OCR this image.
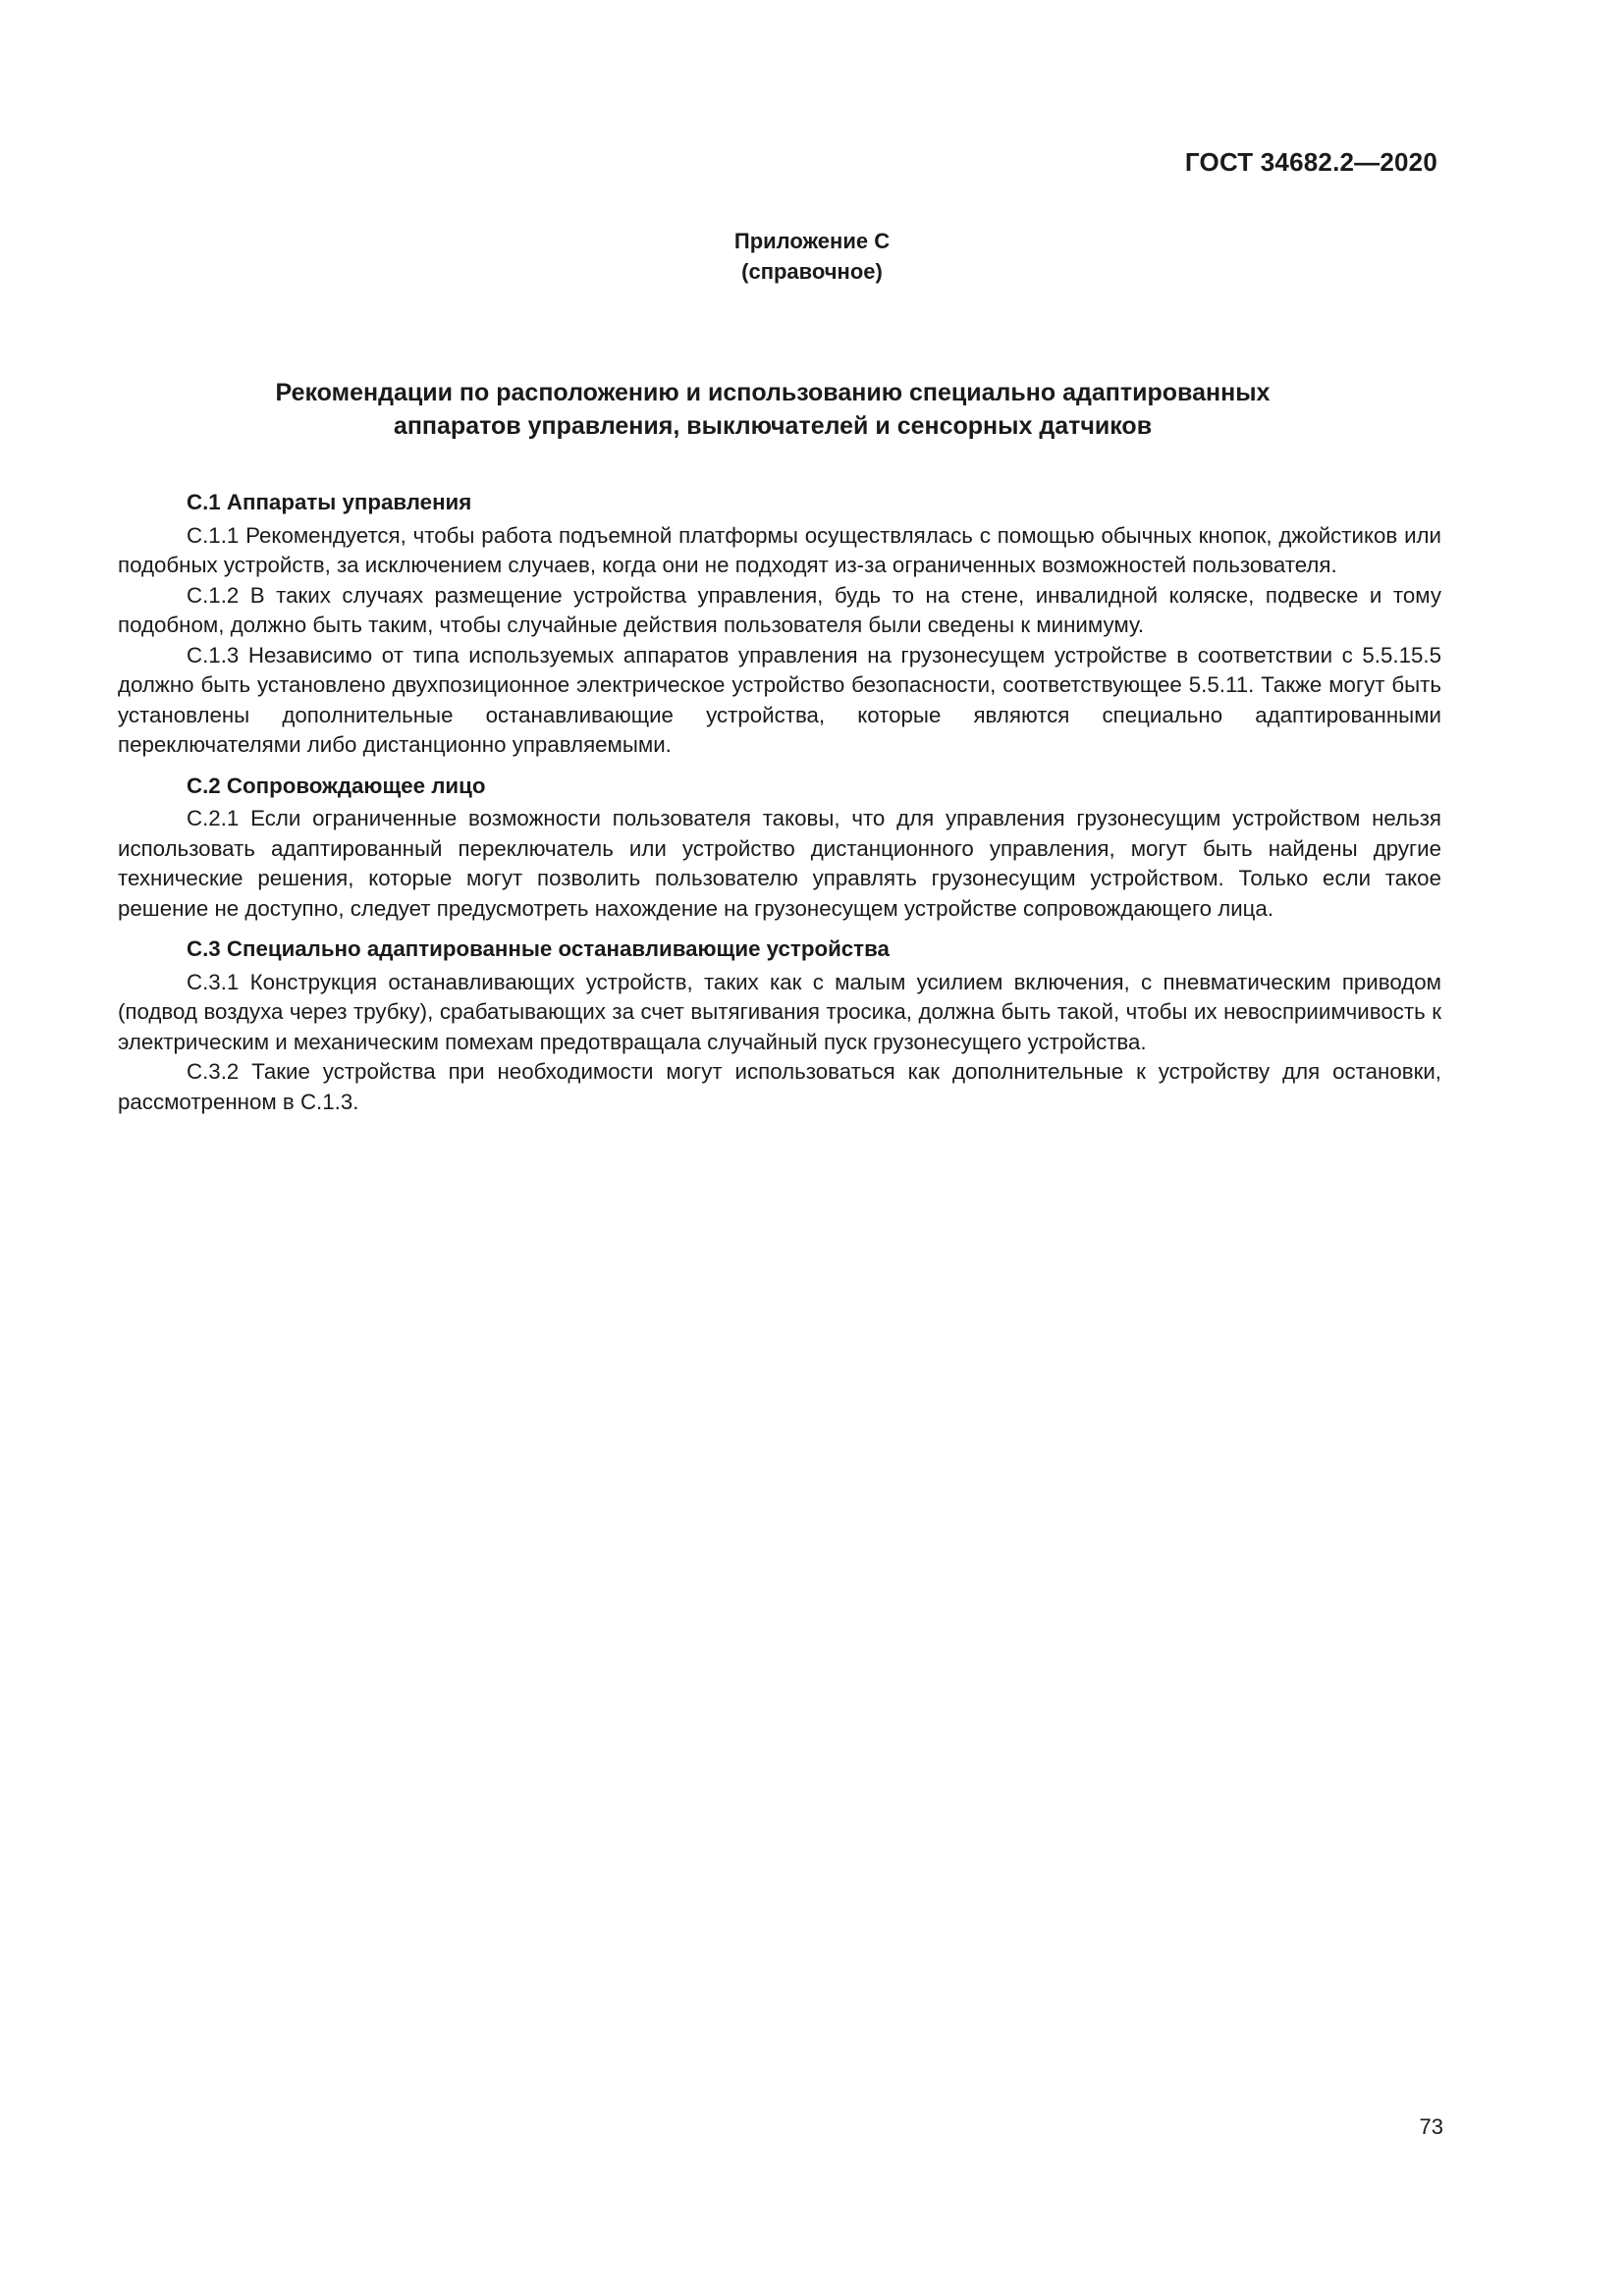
ГОСТ 34682.2—2020

Приложение С
(справочное)
Рекомендации по расположению и использованию специально адаптированных
аппаратов управления, выключателей и сенсорных датчиков

С.1 Аппараты управления

С.1.1 Рекомендуется, чтобы работа подъемной платформы осуществлялась с помощью обычных кнопок, джойстиков или подобных устройств, за исключением случаев, когда они не подходят из-за ограниченных возможностей пользователя.

С.1.2 В таких случаях размещение устройства управления, будь то на стене, инвалидной коляске, подвеске и тому подобном, должно быть таким, чтобы случайные действия пользователя были сведены к минимуму.

С.1.3 Независимо от типа используемых аппаратов управления на грузонесущем устройстве в соответствии с 5.5.15.5 должно быть установлено двухпозиционное электрическое устройство безопасности, соответствующее 5.5.11. Также могут быть установлены дополнительные останавливающие устройства, которые являются специально адаптированными переключателями либо дистанционно управляемыми.

С.2 Сопровождающее лицо

С.2.1 Если ограниченные возможности пользователя таковы, что для управления грузонесущим устройством нельзя использовать адаптированный переключатель или устройство дистанционного управления, могут быть найдены другие технические решения, которые могут позволить пользователю управлять грузонесущим устройством. Только если такое решение не доступно, следует предусмотреть нахождение на грузонесущем устройстве сопровождающего лица.

С.3 Специально адаптированные останавливающие устройства

С.3.1 Конструкция останавливающих устройств, таких как с малым усилием включения, с пневматическим приводом (подвод воздуха через трубку), срабатывающих за счет вытягивания тросика, должна быть такой, чтобы их невосприимчивость к электрическим и механическим помехам предотвращала случайный пуск грузонесущего устройства.

С.3.2 Такие устройства при необходимости могут использоваться как дополнительные к устройству для остановки, рассмотренном в С.1.3.

73
